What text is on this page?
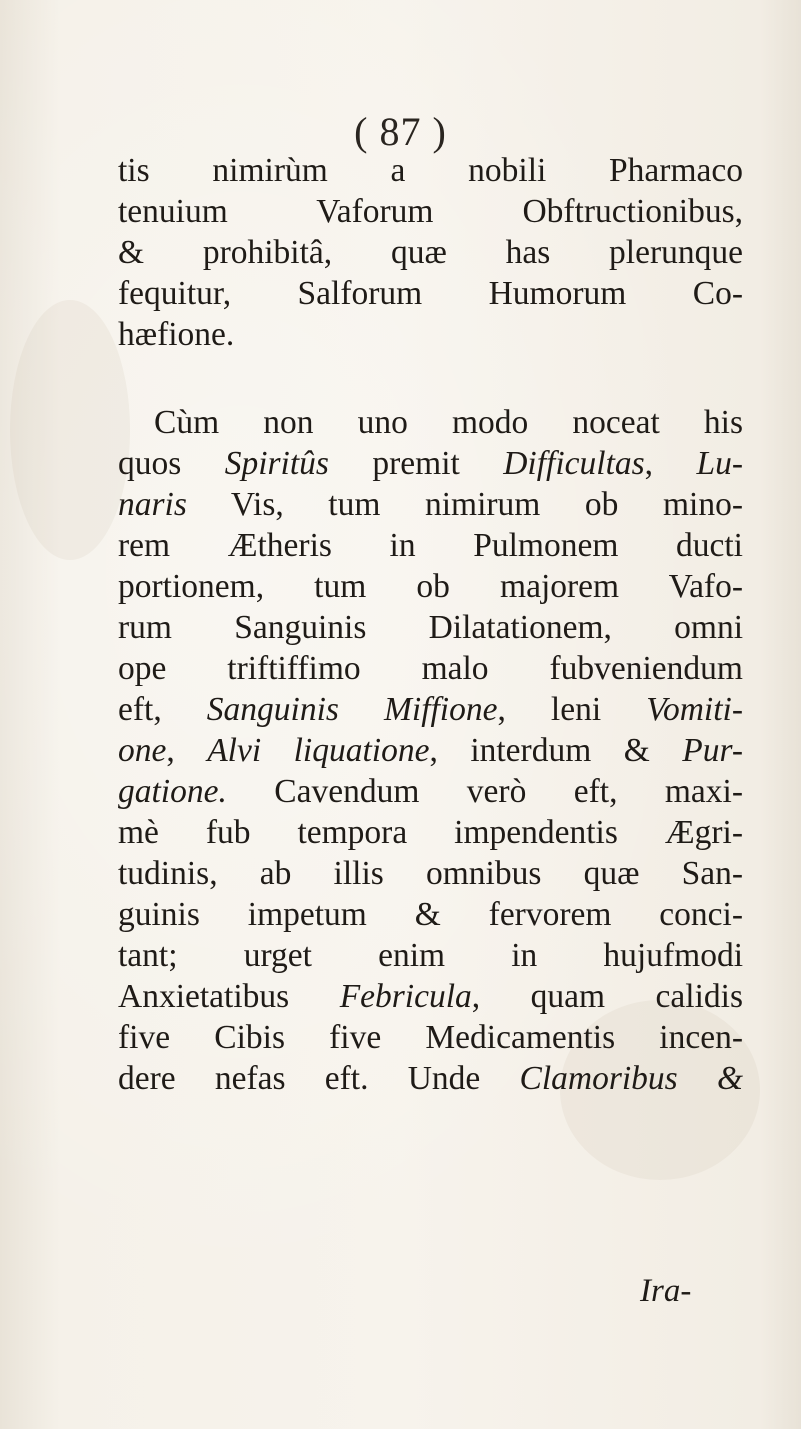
( 87 )
tis nimirùm a nobili Pharmaco
tenuium Vaforum Obftructionibus,
& prohibitâ, quæ has plerunque
fequitur, Salforum Humorum Co-
hæfione.
Cùm non uno modo noceat his
quos Spiritûs premit Difficultas, Lu-
naris Vis, tum nimirum ob mino-
rem Ætheris in Pulmonem ducti
portionem, tum ob majorem Vafo-
rum Sanguinis Dilatationem, omni
ope triftiffimo malo fubveniendum
eft, Sanguinis Miffione, leni Vomiti-
one, Alvi liquatione, interdum & Pur-
gatione. Cavendum verò eft, maxi-
mè fub tempora impendentis Ægri-
tudinis, ab illis omnibus quæ San-
guinis impetum & fervorem conci-
tant; urget enim in hujufmodi
Anxietatibus Febricula, quam calidis
five Cibis five Medicamentis incen-
dere nefas eft. Unde Clamoribus &
Ira-
